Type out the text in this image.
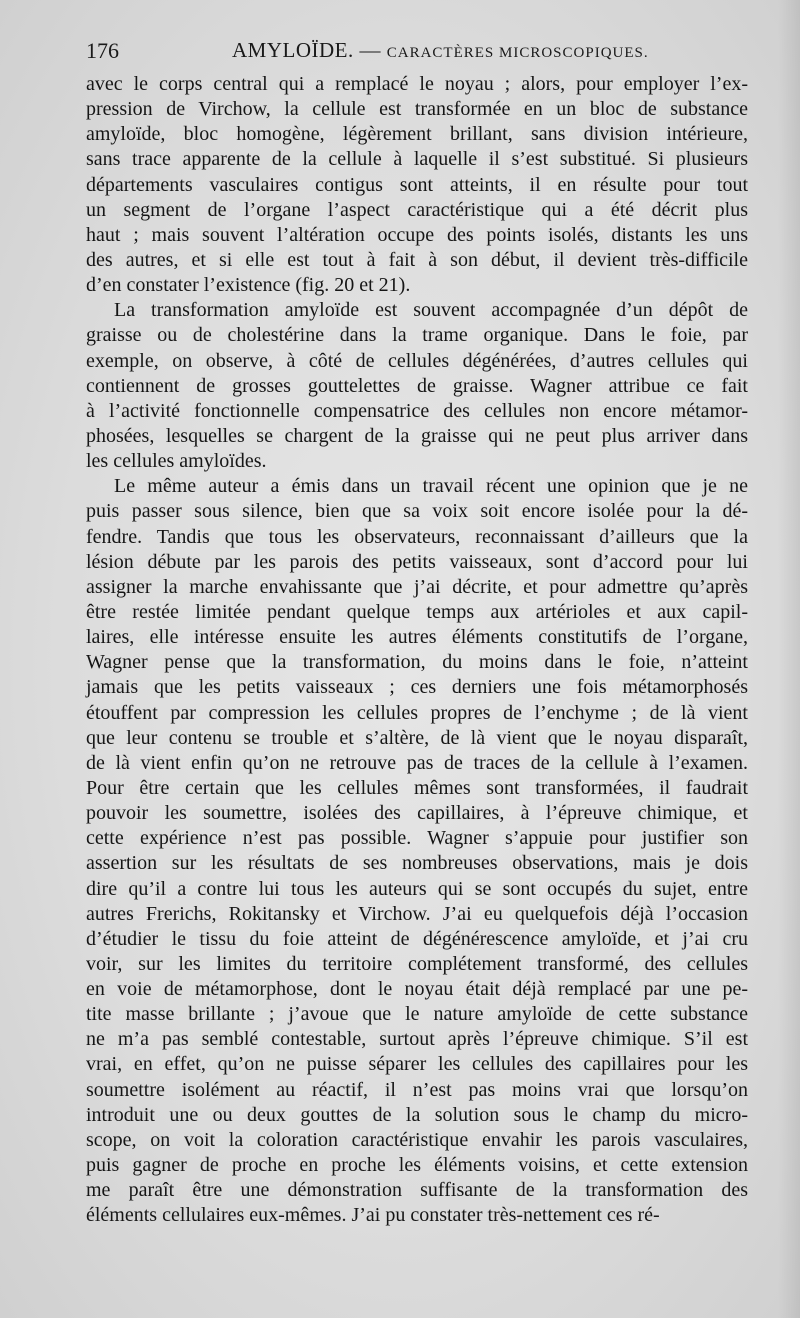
176	AMYLOÏDE. — CARACTÈRES MICROSCOPIQUES.
avec le corps central qui a remplacé le noyau ; alors, pour employer l’ex-
pression de Virchow, la cellule est transformée en un bloc de substance
amyloïde, bloc homogène, légèrement brillant, sans division intérieure,
sans trace apparente de la cellule à laquelle il s’est substitué. Si plusieurs
départements vasculaires contigus sont atteints, il en résulte pour tout
un segment de l’organe l’aspect caractéristique qui a été décrit plus
haut ; mais souvent l’altération occupe des points isolés, distants les uns
des autres, et si elle est tout à fait à son début, il devient très-difficile
d’en constater l’existence (fig. 20 et 21).
La transformation amyloïde est souvent accompagnée d’un dépôt de
graisse ou de cholestérine dans la trame organique. Dans le foie, par
exemple, on observe, à côté de cellules dégénérées, d’autres cellules qui
contiennent de grosses gouttelettes de graisse. Wagner attribue ce fait
à l’activité fonctionnelle compensatrice des cellules non encore métamor-
phosées, lesquelles se chargent de la graisse qui ne peut plus arriver dans
les cellules amyloïdes.
Le même auteur a émis dans un travail récent une opinion que je ne
puis passer sous silence, bien que sa voix soit encore isolée pour la dé-
fendre. Tandis que tous les observateurs, reconnaissant d’ailleurs que la
lésion débute par les parois des petits vaisseaux, sont d’accord pour lui
assigner la marche envahissante que j’ai décrite, et pour admettre qu’après
être restée limitée pendant quelque temps aux artérioles et aux capil-
laires, elle intéresse ensuite les autres éléments constitutifs de l’organe,
Wagner pense que la transformation, du moins dans le foie, n’atteint
jamais que les petits vaisseaux ; ces derniers une fois métamorphosés
étouffent par compression les cellules propres de l’enchyme ; de là vient
que leur contenu se trouble et s’altère, de là vient que le noyau disparaît,
de là vient enfin qu’on ne retrouve pas de traces de la cellule à l’examen.
Pour être certain que les cellules mêmes sont transformées, il faudrait
pouvoir les soumettre, isolées des capillaires, à l’épreuve chimique, et
cette expérience n’est pas possible. Wagner s’appuie pour justifier son
assertion sur les résultats de ses nombreuses observations, mais je dois
dire qu’il a contre lui tous les auteurs qui se sont occupés du sujet, entre
autres Frerichs, Rokitansky et Virchow. J’ai eu quelquefois déjà l’occasion
d’étudier le tissu du foie atteint de dégénérescence amyloïde, et j’ai cru
voir, sur les limites du territoire complétement transformé, des cellules
en voie de métamorphose, dont le noyau était déjà remplacé par une pe-
tite masse brillante ; j’avoue que le nature amyloïde de cette substance
ne m’a pas semblé contestable, surtout après l’épreuve chimique. S’il est
vrai, en effet, qu’on ne puisse séparer les cellules des capillaires pour les
soumettre isolément au réactif, il n’est pas moins vrai que lorsqu’on
introduit une ou deux gouttes de la solution sous le champ du micro-
scope, on voit la coloration caractéristique envahir les parois vasculaires,
puis gagner de proche en proche les éléments voisins, et cette extension
me paraît être une démonstration suffisante de la transformation des
éléments cellulaires eux-mêmes. J’ai pu constater très-nettement ces ré-
